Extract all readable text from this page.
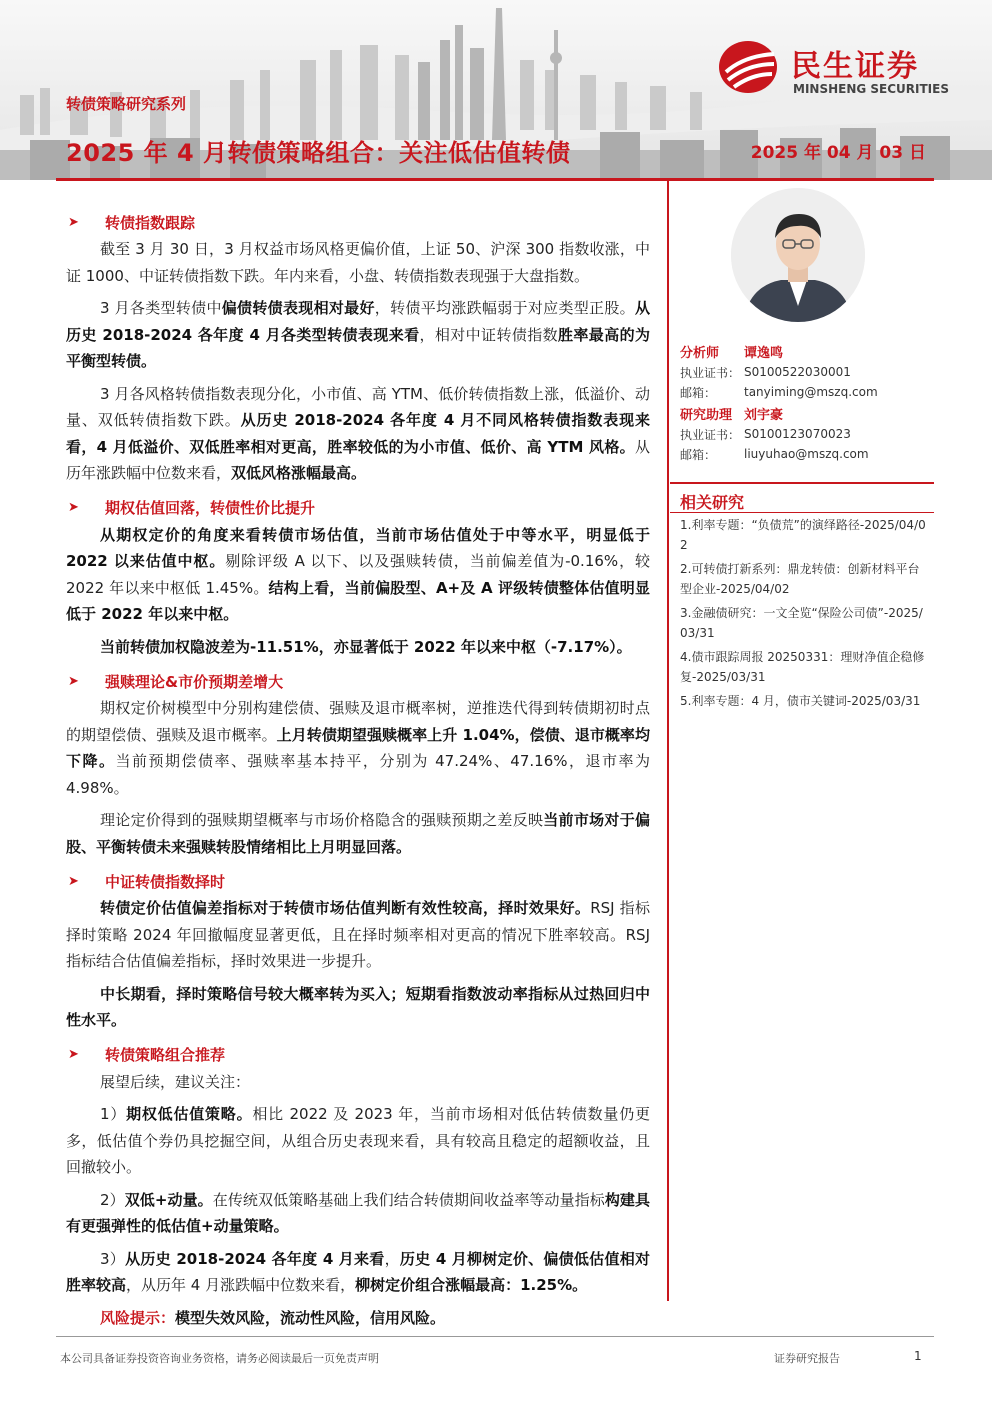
民生证券
MINSHENG SECURITIES
转债策略研究系列
2025 年 4 月转债策略组合：关注低估值转债	2025 年 04 月 03 日
➤	转债指数跟踪

截至 3 月 30 日，3 月权益市场风格更偏价值，上证 50、沪深 300 指数收涨，中证 1000、中证转债指数下跌。年内来看，小盘、转债指数表现强于大盘指数。

3 月各类型转债中偏债转债表现相对最好，转债平均涨跌幅弱于对应类型正股。从历史 2018-2024 各年度 4 月各类型转债表现来看，相对中证转债指数胜率最高的为平衡型转债。

3 月各风格转债指数表现分化，小市值、高 YTM、低价转债指数上涨，低溢价、动量、双低转债指数下跌。从历史 2018-2024 各年度 4 月不同风格转债指数表现来看，4 月低溢价、双低胜率相对更高，胜率较低的为小市值、低价、高 YTM 风格。从历年涨跌幅中位数来看，双低风格涨幅最高。

➤	期权估值回落，转债性价比提升

从期权定价的角度来看转债市场估值，当前市场估值处于中等水平，明显低于 2022 以来估值中枢。剔除评级 A 以下、以及强赎转债，当前偏差值为-0.16%，较 2022 年以来中枢低 1.45%。结构上看，当前偏股型、A+及 A 评级转债整体估值明显低于 2022 年以来中枢。

当前转债加权隐波差为-11.51%，亦显著低于 2022 年以来中枢（-7.17%）。

➤	强赎理论&市价预期差增大

期权定价树模型中分别构建偿债、强赎及退市概率树，逆推迭代得到转债期初时点的期望偿债、强赎及退市概率。上月转债期望强赎概率上升 1.04%，偿债、退市概率均下降。当前预期偿债率、强赎率基本持平，分别为 47.24%、47.16%，退市率为 4.98%。

理论定价得到的强赎期望概率与市场价格隐含的强赎预期之差反映当前市场对于偏股、平衡转债未来强赎转股情绪相比上月明显回落。

➤	中证转债指数择时

转债定价估值偏差指标对于转债市场估值判断有效性较高，择时效果好。RSJ 指标择时策略 2024 年回撤幅度显著更低，且在择时频率相对更高的情况下胜率较高。RSJ 指标结合估值偏差指标，择时效果进一步提升。

中长期看，择时策略信号较大概率转为买入；短期看指数波动率指标从过热回归中性水平。

➤	转债策略组合推荐

展望后续，建议关注：

1）期权低估值策略。相比 2022 及 2023 年，当前市场相对低估转债数量仍更多，低估值个券仍具挖掘空间，从组合历史表现来看，具有较高且稳定的超额收益，且回撤较小。

2）双低+动量。在传统双低策略基础上我们结合转债期间收益率等动量指标构建具有更强弹性的低估值+动量策略。

3）从历史 2018-2024 各年度 4 月来看，历史 4 月柳树定价、偏债低估值相对胜率较高，从历年 4 月涨跌幅中位数来看，柳树定价组合涨幅最高：1.25%。

风险提示：模型失效风险，流动性风险，信用风险。

分析师	谭逸鸣
执业证书： S0100522030001
邮箱：	tanyiming@mszq.com
研究助理 刘宇豪
执业证书： S0100123070023
邮箱：	liuyuhao@mszq.com
相关研究
1.利率专题：“负债荒”的演绎路径-2025/04/02
2.可转债打新系列：鼎龙转债：创新材料平台型企业-2025/04/02
3.金融债研究：一文全览“保险公司债”-2025/03/31
4.债市跟踪周报 20250331：理财净值企稳修复-2025/03/31
5.利率专题：4 月，债市关键词-2025/03/31
本公司具备证券投资咨询业务资格，请务必阅读最后一页免责声明	证券研究报告	1
